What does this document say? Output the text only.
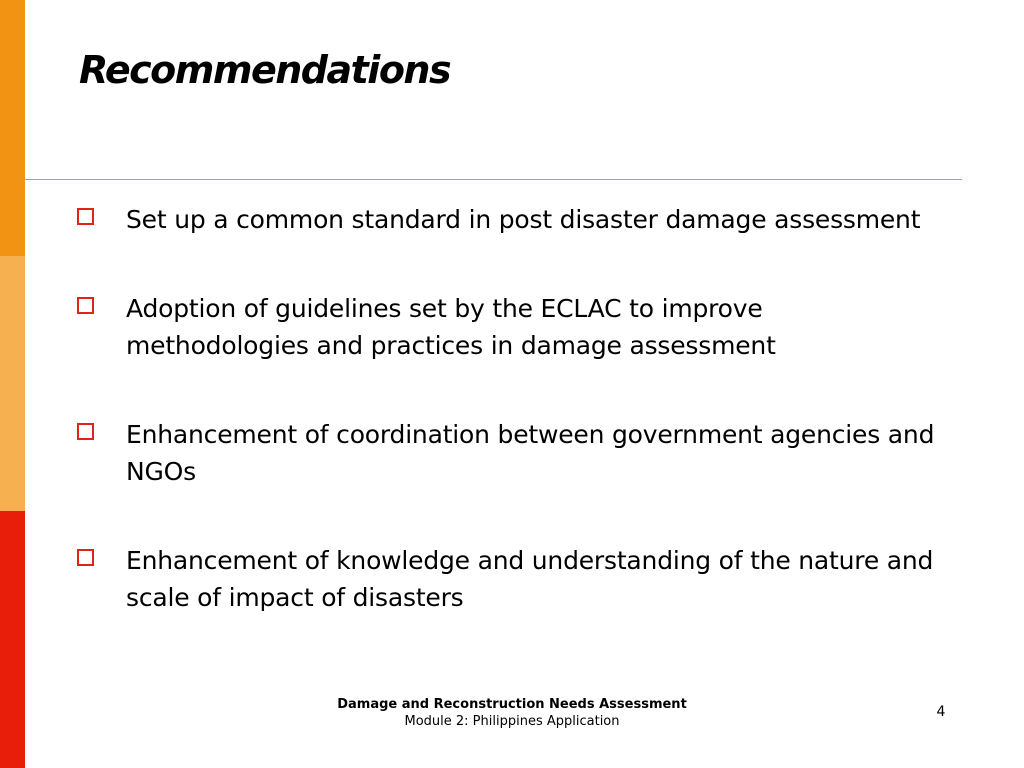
Recommendations
Set up a common standard in post disaster damage assessment
Adoption of guidelines set by the ECLAC to improve methodologies and practices in damage assessment
Enhancement of coordination between government agencies and NGOs
Enhancement of knowledge and understanding of the nature and scale of impact of disasters
Damage and Reconstruction Needs Assessment
Module 2: Philippines Application
4
